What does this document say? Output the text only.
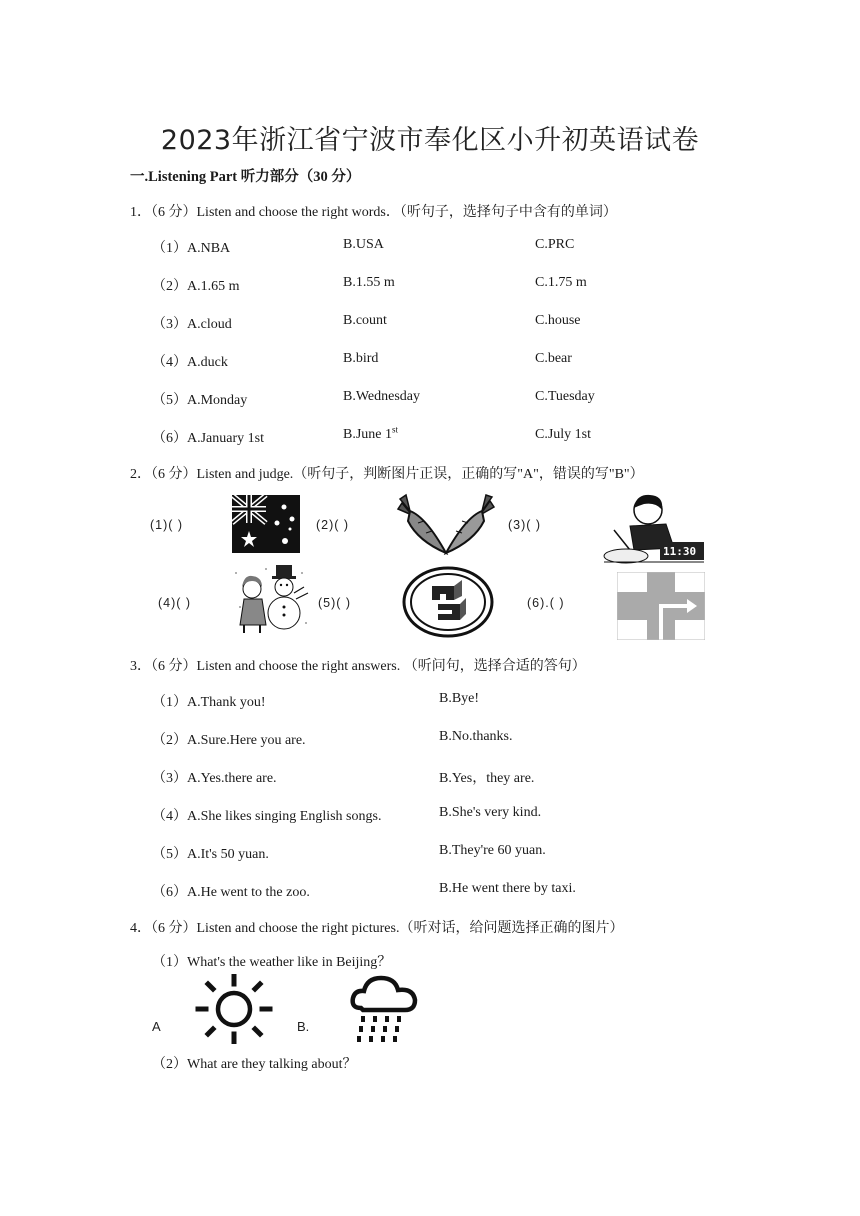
2023年浙江省宁波市奉化区小升初英语试卷
一.Listening Part 听力部分（30 分）
1．（6 分）Listen and choose the right words．（听句子，选择句子中含有的单词）
（1）A.NBA	B.USA	C.PRC
（2）A.1.65 m	B.1.55 m	C.1.75 m
（3）A.cloud	B.count	C.house
（4）A.duck	B.bird	C.bear
（5）A.Monday	B.Wednesday	C.Tuesday
（6）A.January 1st	B.June 1st	C.July 1st
2．（6 分）Listen and judge.（听句子，判断图片正误，正确的写"A"，错误的写"B"）
(1)( )	(2)( )	(3)( )
(4)( )	(5)( )	(6).( )
11:30
3．（6 分）Listen and choose the right answers. （听问句，选择合适的答句）
（1）A.Thank you!	B.Bye!
（2）A.Sure.Here you are.	B.No.thanks.
（3）A.Yes.there are.	B.Yes，they are.
（4）A.She likes singing English songs.	B.She's very kind.
（5）A.It's 50 yuan.	B.They're 60 yuan.
（6）A.He went to the zoo.	B.He went there by taxi.
4．（6 分）Listen and choose the right pictures.（听对话，给问题选择正确的图片）
（1）What's the weather like in Beijing？
A	B.
（2）What are they talking about？
